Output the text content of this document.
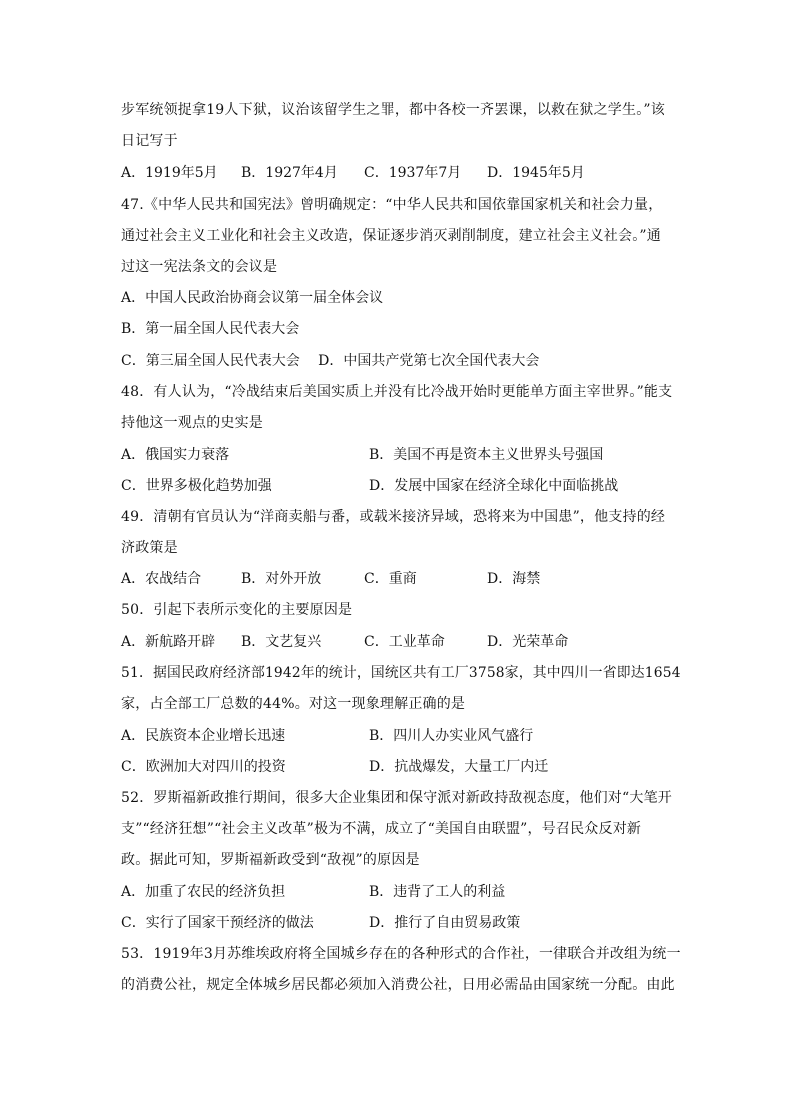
步军统领捉拿19人下狱，议治该留学生之罪，都中各校一齐罢课，以救在狱之学生。”该
日记写于
A．1919年5月 B．1927年4月 C．1937年7月 D．1945年5月
47.《中华人民共和国宪法》曾明确规定：“中华人民共和国依靠国家机关和社会力量，
通过社会主义工业化和社会主义改造，保证逐步消灭剥削制度，建立社会主义社会。”通
过这一宪法条文的会议是
A．中国人民政治协商会议第一届全体会议
B．第一届全国人民代表大会
C．第三届全国人民代表大会　 D．中国共产党第七次全国代表大会
48．有人认为，“冷战结束后美国实质上并没有比冷战开始时更能单方面主宰世界。”能支
持他这一观点的史实是
A．俄国实力衰落	B．美国不再是资本主义世界头号强国
C．世界多极化趋势加强	D．发展中国家在经济全球化中面临挑战
49．清朝有官员认为“洋商卖船与番，或载米接济异域，恐将来为中国患”，他支持的经
济政策是
A．农战结合	B．对外开放	C．重商	D．海禁
50．引起下表所示变化的主要原因是
A．新航路开辟 B．文艺复兴	C．工业革命	D．光荣革命
51．据国民政府经济部1942年的统计，国统区共有工厂3758家，其中四川一省即达1654
家，占全部工厂总数的44%。对这一现象理解正确的是
A．民族资本企业增长迅速	B．四川人办实业风气盛行
C．欧洲加大对四川的投资	D．抗战爆发，大量工厂内迁
52．罗斯福新政推行期间，很多大企业集团和保守派对新政持敌视态度，他们对“大笔开
支”“经济狂想”“社会主义改革”极为不满，成立了“美国自由联盟”，号召民众反对新
政。据此可知，罗斯福新政受到“敌视”的原因是
A．加重了农民的经济负担	B．违背了工人的利益
C．实行了国家干预经济的做法	D．推行了自由贸易政策
53．1919年3月苏维埃政府将全国城乡存在的各种形式的合作社，一律联合并改组为统一
的消费公社，规定全体城乡居民都必须加入消费公社，日用必需品由国家统一分配。由此
